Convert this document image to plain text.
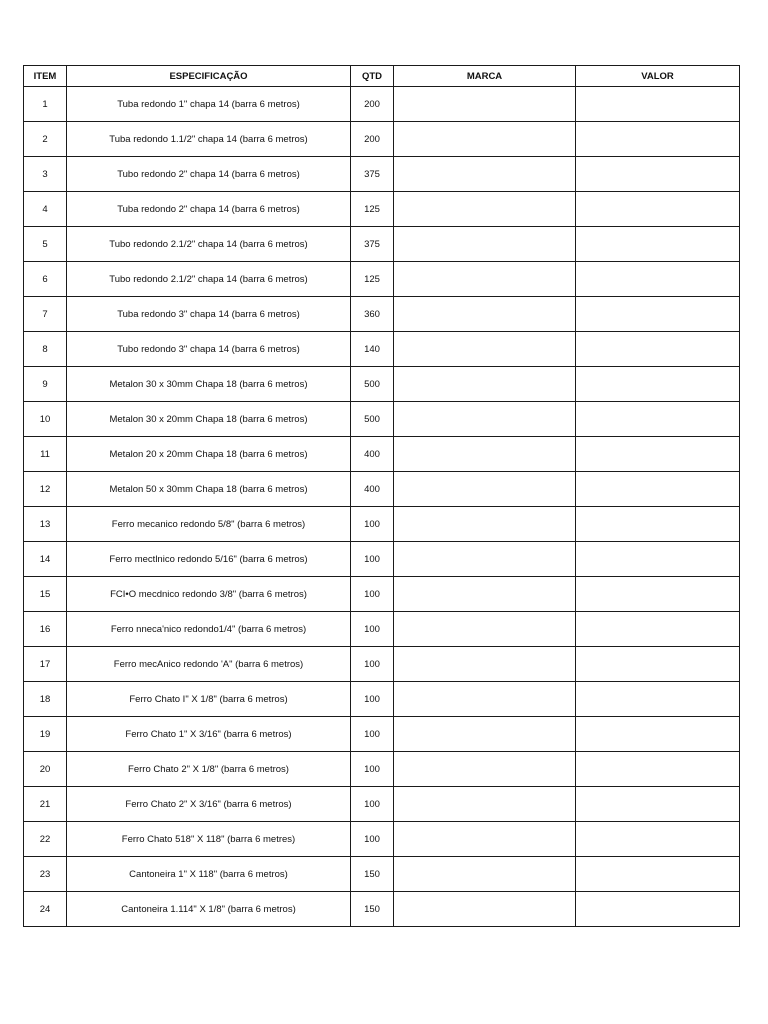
ITEM	ESPECIFICAÇÃO	QTD	MARCA	VALOR
1	Tuba redondo 1" chapa 14 (barra 6 metros)	200		
2	Tuba redondo 1.1/2" chapa 14 (barra 6 metros)	200		
3	Tubo redondo 2" chapa 14 (barra 6 metros)	375		
4	Tuba redondo 2" chapa 14 (barra 6 metros)	125		
5	Tubo redondo 2.1/2" chapa 14 (barra 6 metros)	375		
6	Tubo redondo 2.1/2" chapa 14 (barra 6 metros)	125		
7	Tuba redondo 3" chapa 14 (barra 6 metros)	360		
8	Tubo redondo 3" chapa 14 (barra 6 metros)	140		
9	Metalon 30 x 30mm Chapa 18 (barra 6 metros)	500		
10	Metalon 30 x 20mm Chapa 18 (barra 6 metros)	500		
11	Metalon 20 x 20mm Chapa 18 (barra 6 metros)	400		
12	Metalon 50 x 30mm Chapa 18 (barra 6 metros)	400		
13	Ferro mecanico redondo 5/8" (barra 6 metros)	100		
14	Ferro mectlnico redondo 5/16" (barra 6 metros)	100		
15	FCI•O mecdnico redondo 3/8" (barra 6 metros)	100		
16	Ferro nneca'nico redondo1/4" (barra 6 metros)	100		
17	Ferro mecAnico redondo 'A" (barra 6 metros)	100		
18	Ferro Chato I" X 1/8" (barra 6 metros)	100		
19	Ferro Chato 1" X 3/16" (barra 6 metros)	100		
20	Ferro Chato 2" X 1/8" (barra 6 metros)	100		
21	Ferro Chato 2" X 3/16" (barra 6 metros)	100		
22	Ferro Chato 518" X 118" (barra 6 metres)	100		
23	Cantoneira 1" X 118" (barra 6 metros)	150		
24	Cantoneira 1.114" X 1/8" (barra 6 metros)	150		
